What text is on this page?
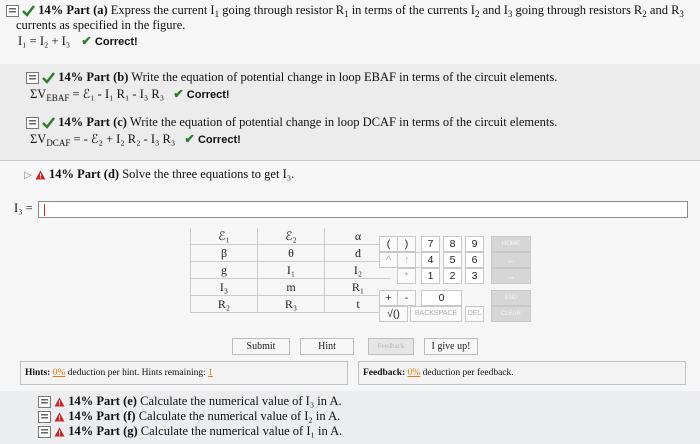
14% Part (a) Express the current $I_1$ going through resistor $R_1$ in terms of the currents $I_2$ and $I_3$ going through resistors $R_2$ and $R_3$
currents as specified in the figure.
I₁ = I₂ + I₃ ✔ Correct!
14% Part (b) Write the equation of potential change in loop EBAF in terms of the circuit elements.
$\Sigma V_{EBAF}$ = ℰ₁ - I₁ R₁ - I₃ R₃ ✔ Correct!
14% Part (c) Write the equation of potential change in loop DCAF in terms of the circuit elements.
$\Sigma V_{DCAF}$ = - ℰ₂ + I₂ R₂ - I₃ R₃ ✔ Correct!
▷ 14% Part (d) Solve the three equations to get I₃.
I₃ =
ℰ₁	ℰ₂	α
β	θ	d
g	I₁	I₂
I₃	m	R₁
R₂	R₃	t
(	)
^	↑
*
+	-
√()
7	8	9
4	5	6
1	2	3
0
BACKSPACE	DEL
HOME
←
→
END
CLEAR
Submit	Hint	Feedback	I give up!
Hints: 0% deduction per hint. Hints remaining: 1	Feedback: 0% deduction per feedback.
14% Part (e) Calculate the numerical value of I₃ in A.
14% Part (f) Calculate the numerical value of I₂ in A.
14% Part (g) Calculate the numerical value of I₁ in A.
